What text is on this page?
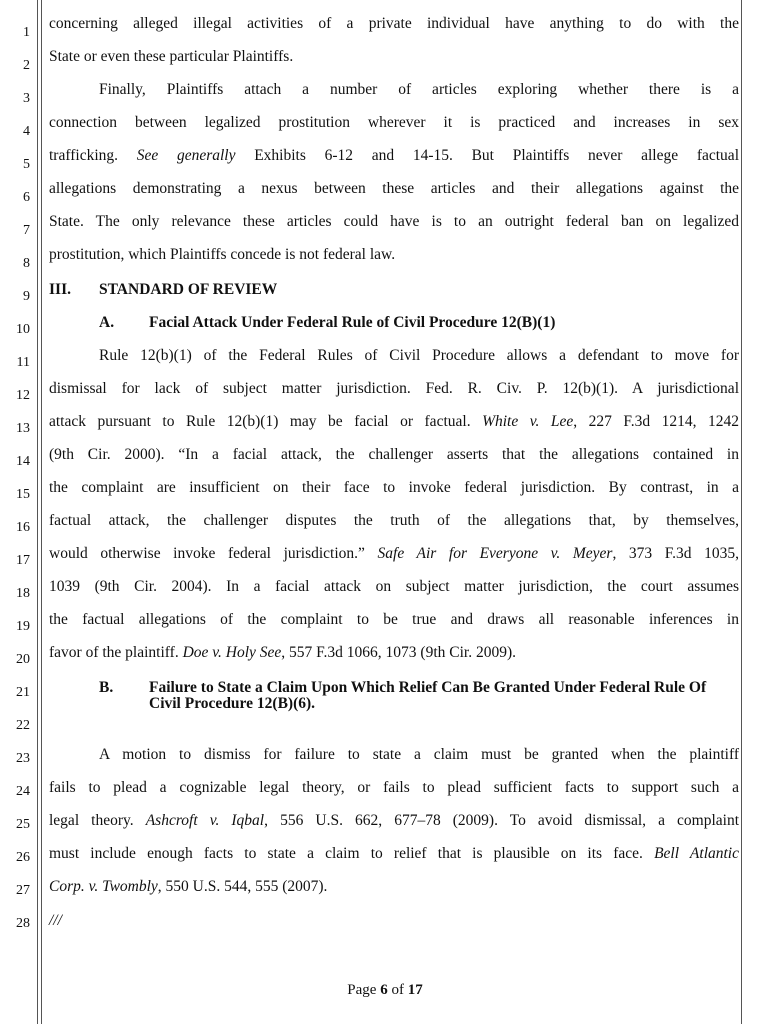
1
2
3
4
5
6
7
8
9
10
11
12
13
14
15
16
17
18
19
20
21
22
23
24
25
26
27
28
concerning alleged illegal activities of a private individual have anything to do with the
State or even these particular Plaintiffs.
Finally, Plaintiffs attach a number of articles exploring whether there is a
connection between legalized prostitution wherever it is practiced and increases in sex
trafficking. See generally Exhibits 6-12 and 14-15. But Plaintiffs never allege factual
allegations demonstrating a nexus between these articles and their allegations against the
State. The only relevance these articles could have is to an outright federal ban on legalized
prostitution, which Plaintiffs concede is not federal law.
III. STANDARD OF REVIEW
A. Facial Attack Under Federal Rule of Civil Procedure 12(B)(1)
Rule 12(b)(1) of the Federal Rules of Civil Procedure allows a defendant to move for
dismissal for lack of subject matter jurisdiction. Fed. R. Civ. P. 12(b)(1). A jurisdictional
attack pursuant to Rule 12(b)(1) may be facial or factual. White v. Lee, 227 F.3d 1214, 1242
(9th Cir. 2000). “In a facial attack, the challenger asserts that the allegations contained in
the complaint are insufficient on their face to invoke federal jurisdiction. By contrast, in a
factual attack, the challenger disputes the truth of the allegations that, by themselves,
would otherwise invoke federal jurisdiction.” Safe Air for Everyone v. Meyer, 373 F.3d 1035,
1039 (9th Cir. 2004). In a facial attack on subject matter jurisdiction, the court assumes
the factual allegations of the complaint to be true and draws all reasonable inferences in
favor of the plaintiff. Doe v. Holy See, 557 F.3d 1066, 1073 (9th Cir. 2009).
B. Failure to State a Claim Upon Which Relief Can Be Granted Under Federal Rule Of Civil Procedure 12(B)(6).
A motion to dismiss for failure to state a claim must be granted when the plaintiff
fails to plead a cognizable legal theory, or fails to plead sufficient facts to support such a
legal theory. Ashcroft v. Iqbal, 556 U.S. 662, 677–78 (2009). To avoid dismissal, a complaint
must include enough facts to state a claim to relief that is plausible on its face. Bell Atlantic
Corp. v. Twombly, 550 U.S. 544, 555 (2007).
///
Page 6 of 17
